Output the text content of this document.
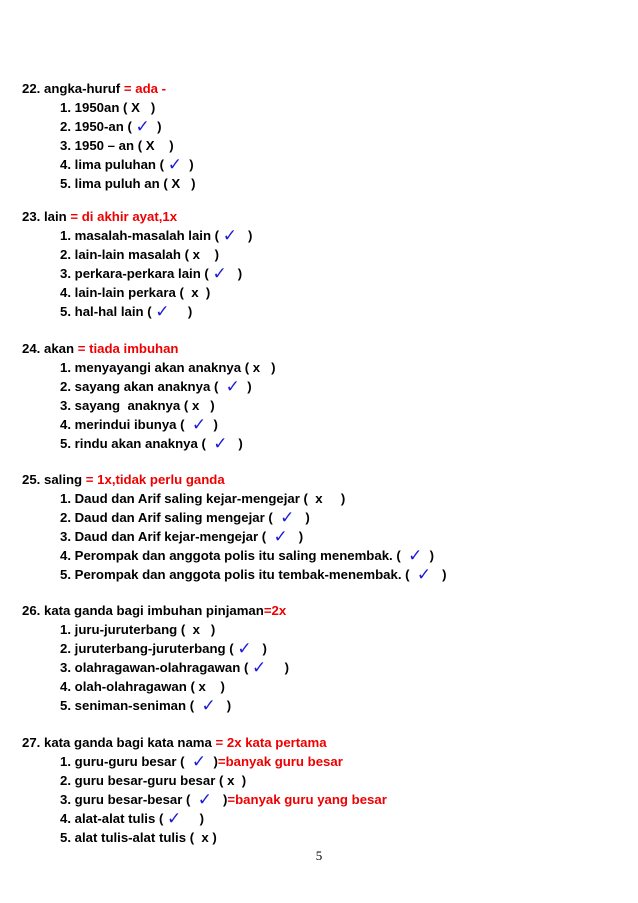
22. angka-huruf = ada -
1. 1950an ( X   )
2. 1950-an ( ✓  )
3. 1950 – an ( X    )
4. lima puluhan ( ✓  )
5. lima puluh an ( X   )
23. lain = di akhir ayat,1x
1. masalah-masalah lain ( ✓   )
2. lain-lain masalah ( x    )
3. perkara-perkara lain ( ✓   )
4. lain-lain perkara (  x  )
5. hal-hal lain ( ✓     )
24. akan = tiada imbuhan
1. menyayangi akan anaknya ( x   )
2. sayang akan anaknya (  ✓  )
3. sayang  anaknya ( x   )
4. merindui ibunya (  ✓  )
5. rindu akan anaknya (  ✓   )
25. saling = 1x,tidak perlu ganda
1. Daud dan Arif saling kejar-mengejar (  x     )
2. Daud dan Arif saling mengejar (  ✓   )
3. Daud dan Arif kejar-mengejar (  ✓   )
4. Perompak dan anggota polis itu saling menembak. (  ✓  )
5. Perompak dan anggota polis itu tembak-menembak. (  ✓   )
26. kata ganda bagi imbuhan pinjaman=2x
1. juru-juruterbang (  x   )
2. juruterbang-juruterbang ( ✓   )
3. olahragawan-olahragawan ( ✓     )
4. olah-olahragawan ( x    )
5. seniman-seniman (  ✓   )
27. kata ganda bagi kata nama = 2x kata pertama
1. guru-guru besar (  ✓  )=banyak guru besar
2. guru besar-guru besar ( x  )
3. guru besar-besar (  ✓   )=banyak guru yang besar
4. alat-alat tulis ( ✓     )
5. alat tulis-alat tulis (  x )
5
